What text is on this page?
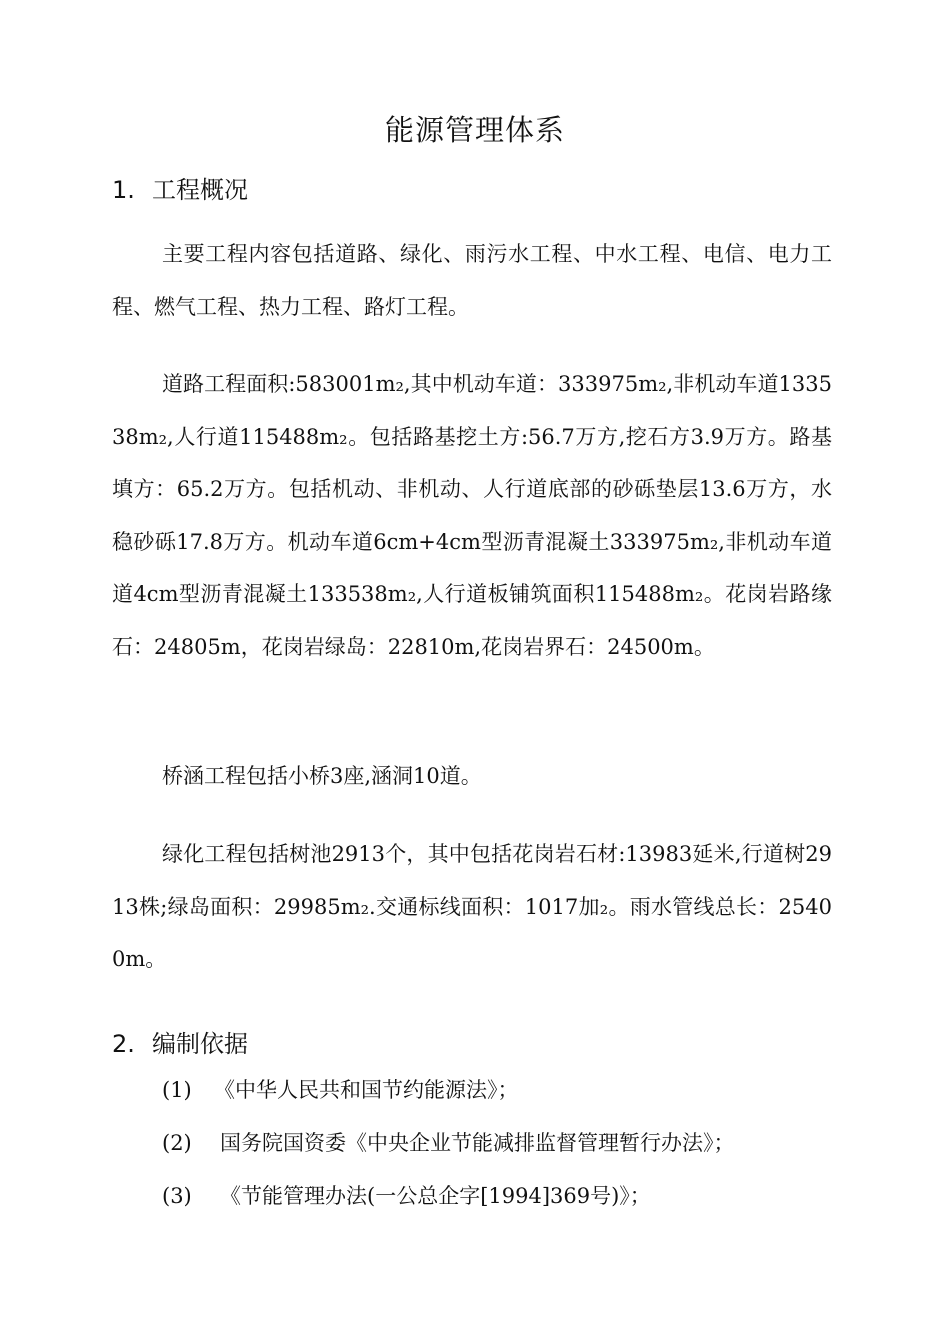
能源管理体系
1. 工程概况

主要工程内容包括道路、绿化、雨污水工程、中水工程、电信、电力工程、燃气工程、热力工程、路灯工程。

道路工程面积:583001m₂,其中机动车道：333975m₂,非机动车道133538m₂,人行道115488m₂。包括路基挖土方:56.7万方,挖石方3.9万方。路基填方：65.2万方。包括机动、非机动、人行道底部的砂砾垫层13.6万方，水稳砂砾17.8万方。机动车道6cm+4cm型沥青混凝土333975m₂,非机动车道道4cm型沥青混凝土133538m₂,人行道板铺筑面积115488m₂。花岗岩路缘石：24805m，花岗岩绿岛：22810m,花岗岩界石：24500m。

桥涵工程包括小桥3座,涵洞10道。

绿化工程包括树池2913个，其中包括花岗岩石材:13983延米,行道树2913株;绿岛面积：29985m₂.交通标线面积：1017加₂。雨水管线总长：25400m。

2. 编制依据
(1) 《中华人民共和国节约能源法》；
(2) 国务院国资委《中央企业节能减排监督管理暂行办法》；
(3) 《节能管理办法(一公总企字[1994]369号)》；
